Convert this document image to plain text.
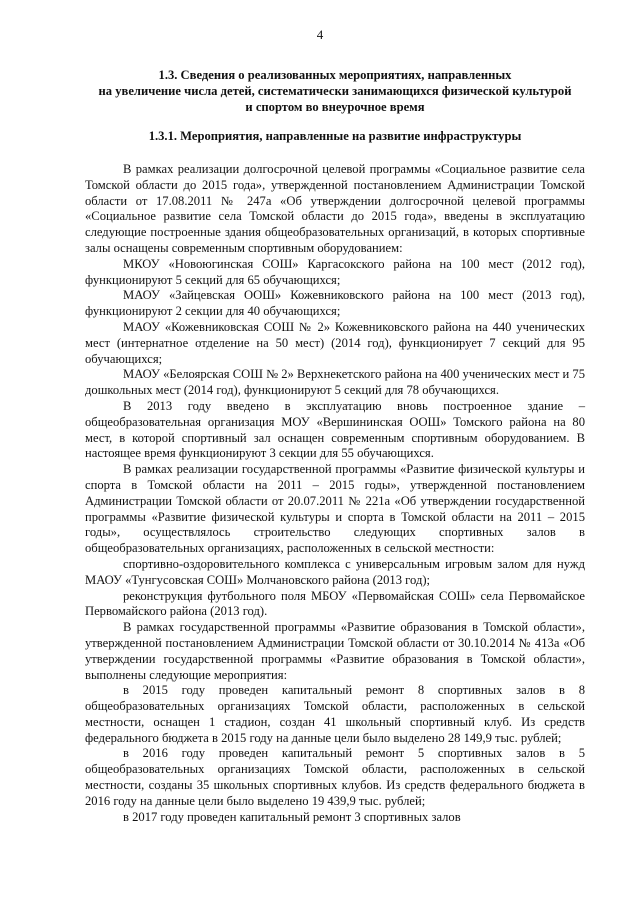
4
1.3. Сведения о реализованных мероприятиях, направленных
на увеличение числа детей, систематически занимающихся физической культурой
и спортом во внеурочное время
1.3.1. Мероприятия, направленные на развитие инфраструктуры

В рамках реализации долгосрочной целевой программы «Социальное развитие села Томской области до 2015 года», утвержденной постановлением Администрации Томской области от 17.08.2011 № 247а «Об утверждении долгосрочной целевой программы «Социальное развитие села Томской области до 2015 года», введены в эксплуатацию следующие построенные здания общеобразовательных организаций, в которых спортивные залы оснащены современным спортивным оборудованием:

МКОУ «Новоюгинская СОШ» Каргасокского района на 100 мест (2012 год), функционируют 5 секций для 65 обучающихся;

МАОУ «Зайцевская ООШ» Кожевниковского района на 100 мест (2013 год), функционируют 2 секции для 40 обучающихся;

МАОУ «Кожевниковская СОШ № 2» Кожевниковского района на 440 ученических мест (интернатное отделение на 50 мест) (2014 год), функционирует 7 секций для 95 обучающихся;

МАОУ «Белоярская СОШ № 2» Верхнекетского района на 400 ученических мест и 75 дошкольных мест (2014 год), функционируют 5 секций для 78 обучающихся.

В 2013 году введено в эксплуатацию вновь построенное здание – общеобразовательная организация МОУ «Вершининская ООШ» Томского района на 80 мест, в которой спортивный зал оснащен современным спортивным оборудованием. В настоящее время функционируют 3 секции для 55 обучающихся.

В рамках реализации государственной программы «Развитие физической культуры и спорта в Томской области на 2011 – 2015 годы», утвержденной постановлением Администрации Томской области от 20.07.2011 № 221а «Об утверждении государственной программы «Развитие физической культуры и спорта в Томской области на 2011 – 2015 годы», осуществлялось строительство следующих спортивных залов в общеобразовательных организациях, расположенных в сельской местности:

спортивно-оздоровительного комплекса с универсальным игровым залом для нужд МАОУ «Тунгусовская СОШ» Молчановского района (2013 год);

реконструкция футбольного поля МБОУ «Первомайская СОШ» села Первомайское Первомайского района (2013 год).

В рамках государственной программы «Развитие образования в Томской области», утвержденной постановлением Администрации Томской области от 30.10.2014 № 413а «Об утверждении государственной программы «Развитие образования в Томской области», выполнены следующие мероприятия:

в 2015 году проведен капитальный ремонт 8 спортивных залов в 8 общеобразовательных организациях Томской области, расположенных в сельской местности, оснащен 1 стадион, создан 41 школьный спортивный клуб. Из средств федерального бюджета в 2015 году на данные цели было выделено 28 149,9 тыс. рублей;

в 2016 году проведен капитальный ремонт 5 спортивных залов в 5 общеобразовательных организациях Томской области, расположенных в сельской местности, созданы 35 школьных спортивных клубов. Из средств федерального бюджета в 2016 году на данные цели было выделено 19 439,9 тыс. рублей;

в 2017 году проведен капитальный ремонт 3 спортивных залов
